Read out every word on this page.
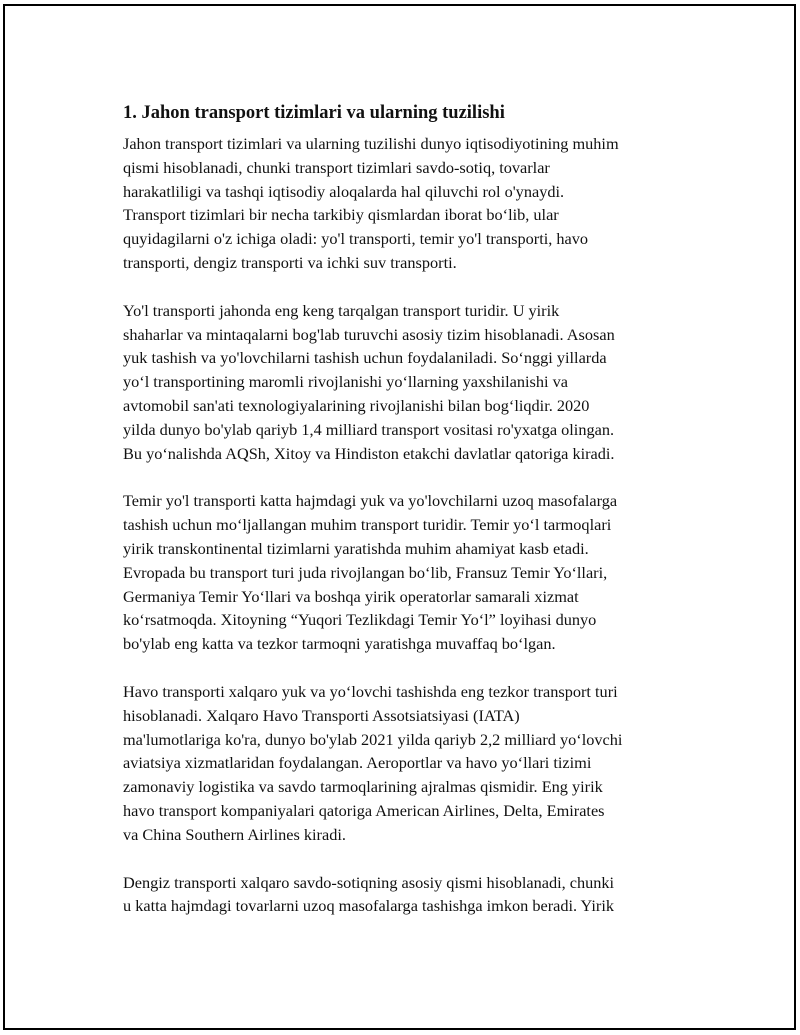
1. Jahon transport tizimlari va ularning tuzilishi

Jahon transport tizimlari va ularning tuzilishi dunyo iqtisodiyotining muhim
qismi hisoblanadi, chunki transport tizimlari savdo-sotiq, tovarlar
harakatliligi va tashqi iqtisodiy aloqalarda hal qiluvchi rol o'ynaydi.
Transport tizimlari bir necha tarkibiy qismlardan iborat bo‘lib, ular
quyidagilarni o'z ichiga oladi: yo'l transporti, temir yo'l transporti, havo
transporti, dengiz transporti va ichki suv transporti.

Yo'l transporti jahonda eng keng tarqalgan transport turidir. U yirik
shaharlar va mintaqalarni bog'lab turuvchi asosiy tizim hisoblanadi. Asosan
yuk tashish va yo'lovchilarni tashish uchun foydalaniladi. So‘nggi yillarda
yo‘l transportining maromli rivojlanishi yo‘llarning yaxshilanishi va
avtomobil san'ati texnologiyalarining rivojlanishi bilan bog‘liqdir. 2020
yilda dunyo bo'ylab qariyb 1,4 milliard transport vositasi ro'yxatga olingan.
Bu yo‘nalishda AQSh, Xitoy va Hindiston etakchi davlatlar qatoriga kiradi.

Temir yo'l transporti katta hajmdagi yuk va yo'lovchilarni uzoq masofalarga
tashish uchun mo‘ljallangan muhim transport turidir. Temir yo‘l tarmoqlari
yirik transkontinental tizimlarni yaratishda muhim ahamiyat kasb etadi.
Evropada bu transport turi juda rivojlangan bo‘lib, Fransuz Temir Yo‘llari,
Germaniya Temir Yo‘llari va boshqa yirik operatorlar samarali xizmat
ko‘rsatmoqda. Xitoyning “Yuqori Tezlikdagi Temir Yo‘l” loyihasi dunyo
bo'ylab eng katta va tezkor tarmoqni yaratishga muvaffaq bo‘lgan.

Havo transporti xalqaro yuk va yo‘lovchi tashishda eng tezkor transport turi
hisoblanadi. Xalqaro Havo Transporti Assotsiatsiyasi (IATA)
ma'lumotlariga ko'ra, dunyo bo'ylab 2021 yilda qariyb 2,2 milliard yo‘lovchi
aviatsiya xizmatlaridan foydalangan. Aeroportlar va havo yo‘llari tizimi
zamonaviy logistika va savdo tarmoqlarining ajralmas qismidir. Eng yirik
havo transport kompaniyalari qatoriga American Airlines, Delta, Emirates
va China Southern Airlines kiradi.

Dengiz transporti xalqaro savdo-sotiqning asosiy qismi hisoblanadi, chunki
u katta hajmdagi tovarlarni uzoq masofalarga tashishga imkon beradi. Yirik
